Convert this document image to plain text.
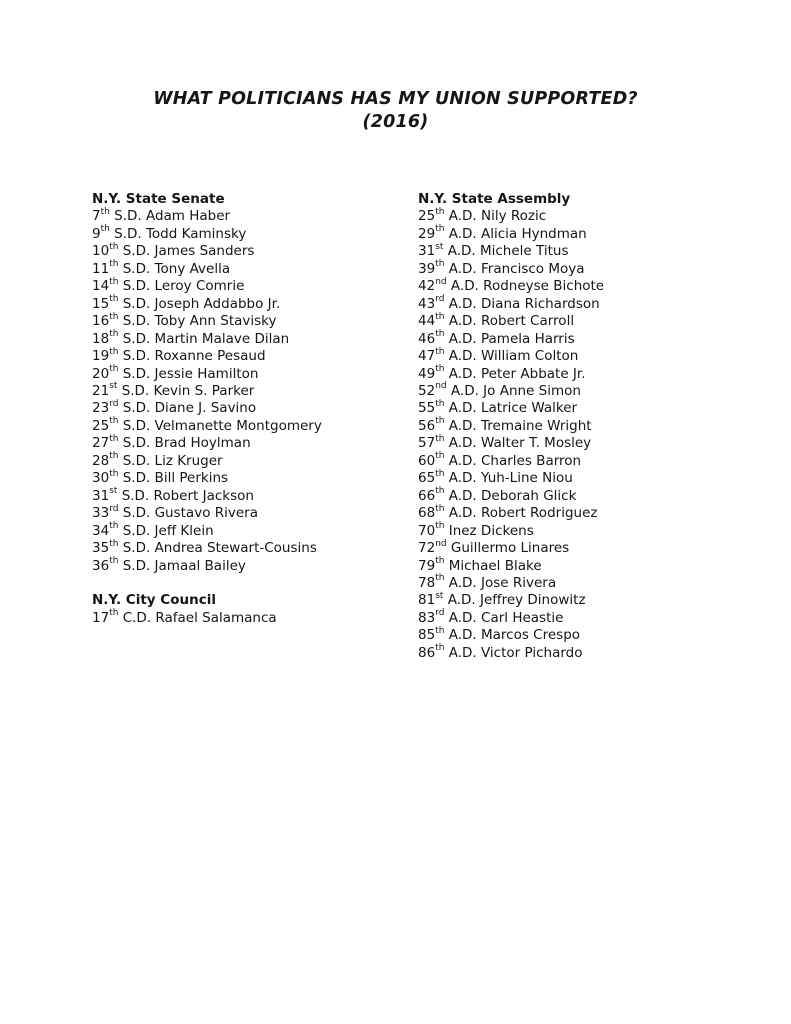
WHAT POLITICIANS HAS MY UNION SUPPORTED?
(2016)
N.Y. State Senate
7th S.D. Adam Haber
9th S.D. Todd Kaminsky
10th S.D. James Sanders
11th S.D. Tony Avella
14th S.D. Leroy Comrie
15th S.D. Joseph Addabbo Jr.
16th S.D. Toby Ann Stavisky
18th S.D. Martin Malave Dilan
19th S.D. Roxanne Pesaud
20th S.D. Jessie Hamilton
21st S.D. Kevin S. Parker
23rd S.D. Diane J. Savino
25th S.D. Velmanette Montgomery
27th S.D. Brad Hoylman
28th S.D. Liz Kruger
30th S.D. Bill Perkins
31st S.D. Robert Jackson
33rd S.D. Gustavo Rivera
34th S.D. Jeff Klein
35th S.D. Andrea Stewart-Cousins
36th S.D. Jamaal Bailey
N.Y. City Council
17th C.D. Rafael Salamanca
N.Y. State Assembly
25th A.D. Nily Rozic
29th A.D. Alicia Hyndman
31st A.D. Michele Titus
39th A.D. Francisco Moya
42nd A.D. Rodneyse Bichote
43rd A.D. Diana Richardson
44th A.D. Robert Carroll
46th A.D. Pamela Harris
47th A.D. William Colton
49th A.D. Peter Abbate Jr.
52nd A.D. Jo Anne Simon
55th A.D. Latrice Walker
56th A.D. Tremaine Wright
57th A.D. Walter T. Mosley
60th A.D. Charles Barron
65th A.D. Yuh-Line Niou
66th A.D. Deborah Glick
68th A.D. Robert Rodriguez
70th Inez Dickens
72nd Guillermo Linares
79th Michael Blake
78th A.D. Jose Rivera
81st A.D. Jeffrey Dinowitz
83rd A.D. Carl Heastie
85th A.D. Marcos Crespo
86th A.D. Victor Pichardo
